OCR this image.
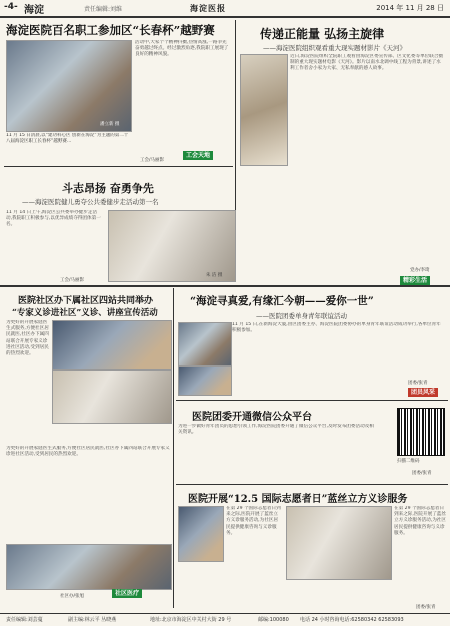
-4- 海淀	责任编辑:刘维	海淀医报	2014 年 11 月 28 日
海淀医院百名职工参加区“长春杯”越野赛
潘立新 摄
11 月 15 日清晨,以“建功科心区 创新在海淀”为主题的第二十八届海淀区职工长春杯”越野赛…
活动中,大家个个精神抖擞,热情高涨,一路争先奋勇越过终点。经过激烈角逐,我院职工展现了良好的精神风貌。
工会/马丽影
工会天地
传递正能量 弘扬主旋律
——海淀医院组织观看重大现实题材影片《天河》
近日,海淀医院组织全院职工观看由海淀区委宣传部、区文化委等单位联合摄制的重大现实题材电影《天河》。影片以南水北调中线工程为背景,讲述了水利工作者舍小家为大家、无私奉献的感人故事。
党办/李琦
精彩生活
斗志昂扬 奋勇争先
——海淀医院健儿勇夺公共委健步走活动第一名
11 月 14 日上午,海淀区公共委举办健步走活动,我院职工积极参与,以优异成绩夺得团体第一名。
朱 洁 摄
工会/马丽影
医院社区办下属社区四站共同举办
“专家义诊进社区”义诊、讲座宣传活动
为更好的开展家庭医生式服务,方便社区居民就医,社区办下属四站联合开展专家义诊进社区活动,受到居民的热烈欢迎。
为更好的开展家庭医生式服务,方便社区居民就医,社区办下属四站联合开展专家义诊进社区活动,受到居民的热烈欢迎。
社区办/张旭	社区医疗
“海淀寻真爱,有缘汇今朝——爱你一世”
——医院团委单身青年联谊活动
11 月 15 日,在新海淀大厦,由区团委主办、海淀医院团委协办的单身青年联谊活动成功举行,各单位青年积极参加。
团委/张青
团员风采
医院团委开通微信公众平台
为进一步做好青年团员的思想引领工作,海淀医院团委开通了微信公众平台,及时发布团委活动及相关资讯。
扫描二维码
团委/张青
医院开展“12.5 国际志愿者日”蓝丝立方义诊服务
在第 29 个国际志愿者日到来之际,医院开展了蓝丝立方义诊服务活动,为社区居民提供健康咨询与义诊服务。
在第 29 个国际志愿者日到来之际,医院开展了蓝丝立方义诊服务活动,为社区居民提供健康咨询与义诊服务。
团委/张青
责任编辑:刘芸蔓	副主编:林云平 丛晓燕	地址:北京市海淀区中关村大街 29 号	邮编:100080 电话 24 小时咨询电话:62580342 62583093
